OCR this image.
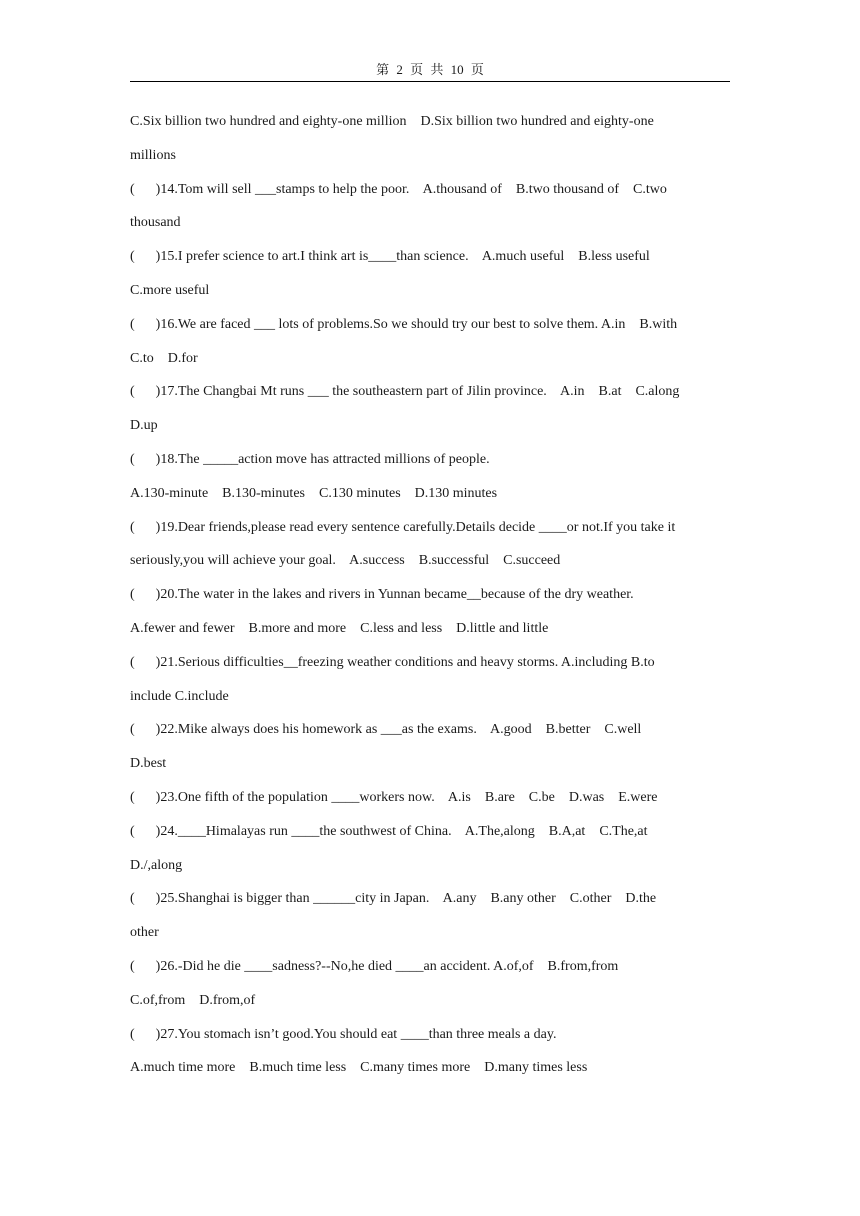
第 2 页 共 10 页
C.Six billion two hundred and eighty-one million    D.Six billion two hundred and eighty-one
millions
(      )14.Tom will sell ___stamps to help the poor.    A.thousand of    B.two thousand of    C.two
thousand
(      )15.I prefer science to art.I think art is____than science.    A.much useful    B.less useful
C.more useful
(      )16.We are faced ___ lots of problems.So we should try our best to solve them. A.in    B.with
C.to    D.for
(      )17.The Changbai Mt runs ___ the southeastern part of Jilin province.    A.in    B.at    C.along
D.up
(      )18.The _____action move has attracted millions of people.
A.130-minute    B.130-minutes    C.130 minutes    D.130 minutes
(      )19.Dear friends,please read every sentence carefully.Details decide ____or not.If you take it
seriously,you will achieve your goal.    A.success    B.successful    C.succeed
(      )20.The water in the lakes and rivers in Yunnan became__because of the dry weather.
A.fewer and fewer    B.more and more    C.less and less    D.little and little
(      )21.Serious difficulties__freezing weather conditions and heavy storms. A.including B.to
include C.include
(      )22.Mike always does his homework as ___as the exams.    A.good    B.better    C.well
D.best
(      )23.One fifth of the population ____workers now.    A.is    B.are    C.be    D.was    E.were
(      )24.____Himalayas run ____the southwest of China.    A.The,along    B.A,at    C.The,at
D./,along
(      )25.Shanghai is bigger than ______city in Japan.    A.any    B.any other    C.other    D.the
other
(      )26.-Did he die ____sadness?--No,he died ____an accident. A.of,of    B.from,from
C.of,from    D.from,of
(      )27.You stomach isn’t good.You should eat ____than three meals a day.
A.much time more    B.much time less    C.many times more    D.many times less
